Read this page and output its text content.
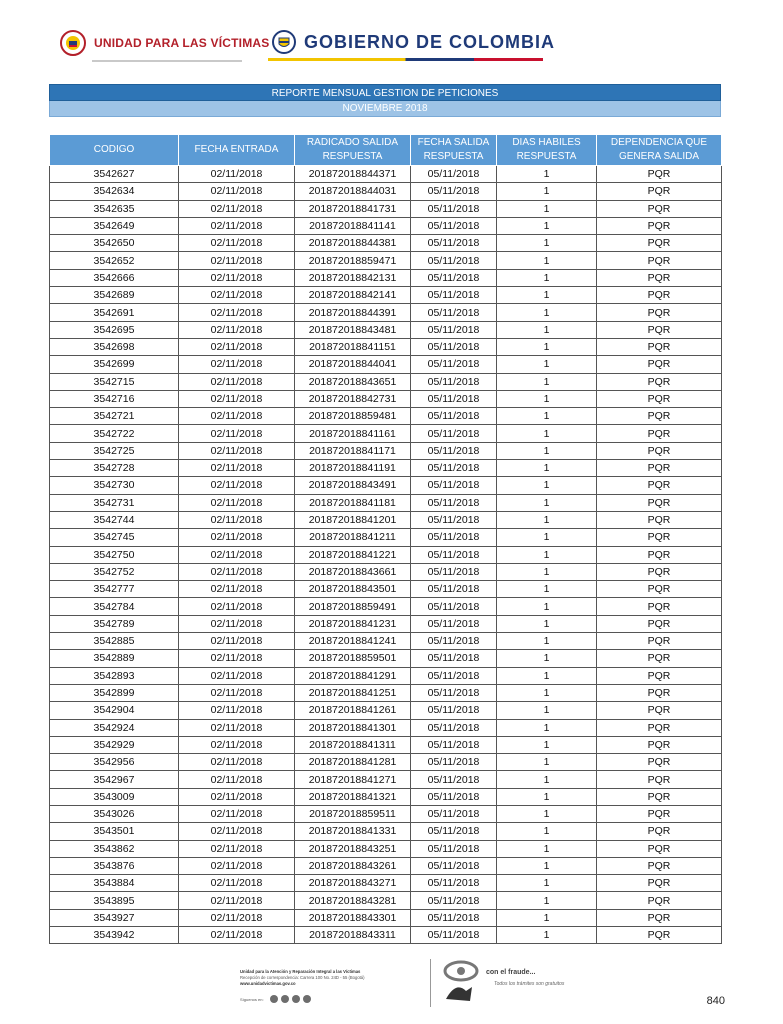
UNIDAD PARA LAS VÍCTIMAS GOBIERNO DE COLOMBIA
REPORTE MENSUAL GESTION DE PETICIONES
NOVIEMBRE 2018
CODIGO	FECHA ENTRADA	RADICADO SALIDA RESPUESTA	FECHA SALIDA RESPUESTA	DIAS HABILES RESPUESTA	DEPENDENCIA QUE GENERA SALIDA
3542627	02/11/2018	201872018844371	05/11/2018	1	PQR
3542634	02/11/2018	201872018844031	05/11/2018	1	PQR
3542635	02/11/2018	201872018841731	05/11/2018	1	PQR
3542649	02/11/2018	201872018841141	05/11/2018	1	PQR
3542650	02/11/2018	201872018844381	05/11/2018	1	PQR
3542652	02/11/2018	201872018859471	05/11/2018	1	PQR
3542666	02/11/2018	201872018842131	05/11/2018	1	PQR
3542689	02/11/2018	201872018842141	05/11/2018	1	PQR
3542691	02/11/2018	201872018844391	05/11/2018	1	PQR
3542695	02/11/2018	201872018843481	05/11/2018	1	PQR
3542698	02/11/2018	201872018841151	05/11/2018	1	PQR
3542699	02/11/2018	201872018844041	05/11/2018	1	PQR
3542715	02/11/2018	201872018843651	05/11/2018	1	PQR
3542716	02/11/2018	201872018842731	05/11/2018	1	PQR
3542721	02/11/2018	201872018859481	05/11/2018	1	PQR
3542722	02/11/2018	201872018841161	05/11/2018	1	PQR
3542725	02/11/2018	201872018841171	05/11/2018	1	PQR
3542728	02/11/2018	201872018841191	05/11/2018	1	PQR
3542730	02/11/2018	201872018843491	05/11/2018	1	PQR
3542731	02/11/2018	201872018841181	05/11/2018	1	PQR
3542744	02/11/2018	201872018841201	05/11/2018	1	PQR
3542745	02/11/2018	201872018841211	05/11/2018	1	PQR
3542750	02/11/2018	201872018841221	05/11/2018	1	PQR
3542752	02/11/2018	201872018843661	05/11/2018	1	PQR
3542777	02/11/2018	201872018843501	05/11/2018	1	PQR
3542784	02/11/2018	201872018859491	05/11/2018	1	PQR
3542789	02/11/2018	201872018841231	05/11/2018	1	PQR
3542885	02/11/2018	201872018841241	05/11/2018	1	PQR
3542889	02/11/2018	201872018859501	05/11/2018	1	PQR
3542893	02/11/2018	201872018841291	05/11/2018	1	PQR
3542899	02/11/2018	201872018841251	05/11/2018	1	PQR
3542904	02/11/2018	201872018841261	05/11/2018	1	PQR
3542924	02/11/2018	201872018841301	05/11/2018	1	PQR
3542929	02/11/2018	201872018841311	05/11/2018	1	PQR
3542956	02/11/2018	201872018841281	05/11/2018	1	PQR
3542967	02/11/2018	201872018841271	05/11/2018	1	PQR
3543009	02/11/2018	201872018841321	05/11/2018	1	PQR
3543026	02/11/2018	201872018859511	05/11/2018	1	PQR
3543501	02/11/2018	201872018841331	05/11/2018	1	PQR
3543862	02/11/2018	201872018843251	05/11/2018	1	PQR
3543876	02/11/2018	201872018843261	05/11/2018	1	PQR
3543884	02/11/2018	201872018843271	05/11/2018	1	PQR
3543895	02/11/2018	201872018843281	05/11/2018	1	PQR
3543927	02/11/2018	201872018843301	05/11/2018	1	PQR
3543942	02/11/2018	201872018843311	05/11/2018	1	PQR
Unidad para la Atención y Reparación Integral a las Víctimas
Recepción de correspondencia: Carrera 100 No. 24D - 55 (Bogotá)
www.unidadvictimas.gov.co
Síguenos en:
con el fraude...
Todos los trámites son gratuitos
840
